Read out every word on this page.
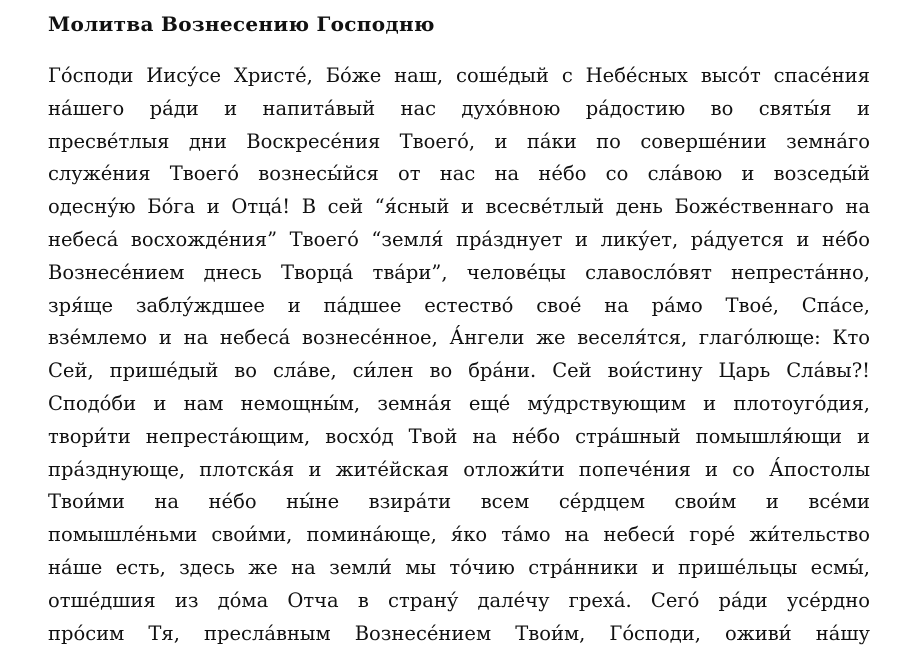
Молитва Вознесению Господню
Го́споди Иису́се Христе́, Бо́же наш, соше́дый с Небе́сных высо́т спасе́ния
на́шего ра́ди и напита́вый нас духо́вною ра́достию во святы́я и
пресве́тлыя дни Воскресе́ния Твоего́, и па́ки по соверше́нии земна́го
служе́ния Твоего́ вознесы́йся от нас на не́бо со сла́вою и возседы́й
одесну́ю Бо́га и Отца́! В сей “я́сный и всесве́тлый день Боже́ственнаго на
небеса́ восхожде́ния” Твоего́ “земля́ пра́зднует и лику́ет, ра́дуется и не́бо
Вознесе́нием днесь Творца́ тва́ри”, челове́цы славосло́вят непреста́нно,
зря́ще заблу́ждшее и па́дшее естество́ свое́ на ра́мо Твое́, Спа́се,
взе́млемо и на небеса́ вознесе́нное, А́нгели же веселя́тся, глаго́люще: Кто
Сей, прише́дый во сла́ве, си́лен во бра́ни. Сей вои́стину Царь Сла́вы?!
Сподо́би и нам немощны́м, земна́я еще́ му́дрствующим и плотоуго́дия,
твори́ти непреста́ющим, восхо́д Твой на не́бо стра́шный помышля́ющи и
пра́зднующе, плотска́я и жите́йская отложи́ти попече́ния и со А́постолы
Твои́ми на не́бо ны́не взира́ти всем се́рдцем свои́м и все́ми
помышле́ньми свои́ми, помина́юще, я́ко та́мо на небеси́ горе́ жи́тельство
на́ше есть, здесь же на земли́ мы то́чию стра́нники и прише́льцы есмы́,
отше́дшия из до́ма Отча в страну́ дале́чу греха́. Сего́ ра́ди усе́рдно
про́сим Тя, пресла́вным Вознесе́нием Твои́м, Го́споди, оживи́ на́шу
